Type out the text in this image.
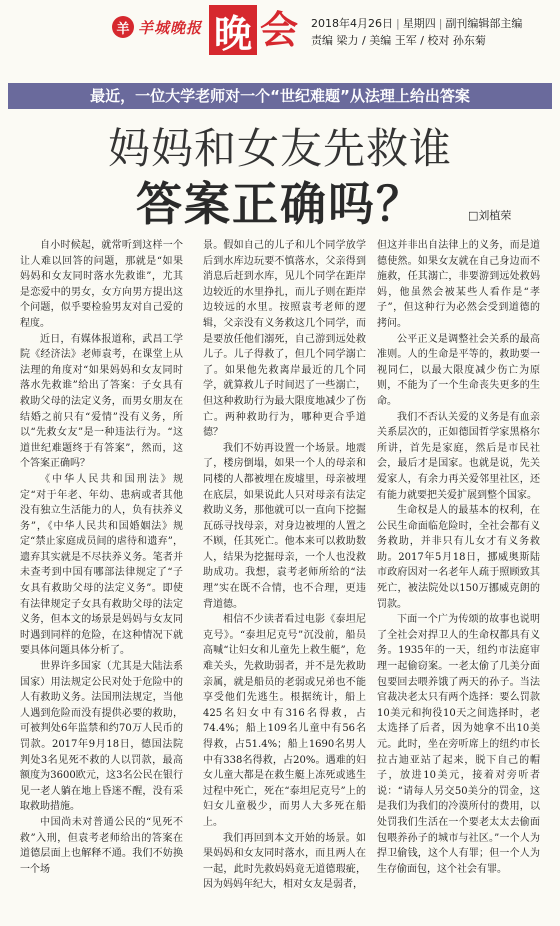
羊 羊城晚报 晚 会 2018年4月26日 | 星期四 | 副刊编辑部主编
责编 梁力 / 美编 王军 / 校对 孙东菊
最近，一位大学老师对一个“世纪难题”从法理上给出答案
妈妈和女友先救谁
答案正确吗？	□刘植荣

自小时候起，就常听到这样一个让人难以回答的问题，那就是“如果妈妈和女友同时落水先救谁”，尤其是恋爱中的男女，女方向男方提出这个问题，似乎要检验男友对自己爱的程度。

近日，有媒体报道称，武昌工学院《经济法》老师袁考，在课堂上从法理的角度对“如果妈妈和女友同时落水先救谁”给出了答案：子女具有救助父母的法定义务，而男女朋友在结婚之前只有“爱情”没有义务，所以“先救女友”是一种违法行为。“这道世纪难题终于有答案”，然而，这个答案正确吗？

《中华人民共和国刑法》规定“对于年老、年幼、患病或者其他没有独立生活能力的人，负有扶养义务”，《中华人民共和国婚姻法》规定“禁止家庭成员间的虐待和遗弃”，遗弃其实就是不尽扶养义务。笔者并未查考到中国有哪部法律规定了“子女具有救助父母的法定义务”。即使有法律规定子女具有救助父母的法定义务，但本文的场景是妈妈与女友同时遇到同样的危险，在这种情况下就要具体问题具体分析了。

世界许多国家（尤其是大陆法系国家）用法规定公民对处于危险中的人有救助义务。法国刑法规定，当他人遇到危险而没有提供必要的救助，可被判处6年监禁和约70万人民币的罚款。2017年9月18日，德国法院判处3名见死不救的人以罚款，最高额度为3600欧元，这3名公民在银行见一老人躺在地上昏迷不醒，没有采取救助措施。

中国尚未对普通公民的“见死不救”入刑，但袁考老师给出的答案在道德层面上也解释不通。我们不妨换一个场

景。假如自己的儿子和儿个同学放学后到水库边玩要不慎落水，父亲得到消息后赶到水库，见儿个同学在距岸边较近的水里挣扎，而儿子则在距岸边较远的水里。按照袁考老师的逻辑，父亲没有义务救这几个同学，而是要放任他们溺死，自己游到远处救儿子。儿子得救了，但几个同学溺亡了。如果他先救离岸最近的几个同学，就算救儿子时间迟了一些溺亡，但这种救助行为最大限度地减少了伤亡。两种救助行为，哪种更合乎道德？

我们不妨再设置一个场景。地震了，楼房倒塌，如果一个人的母亲和同楼的人都被埋在废墟里，母亲被埋在底层，如果说此人只对母亲有法定救助义务，那他就可以一直向下挖掘瓦砾寻找母亲，对身边被埋的人置之不顾，任其死亡。他本来可以救助数人，结果为挖掘母亲，一个人也没救助成功。我想，袁考老师所给的“法理”实在既不合情，也不合理，更违背道德。

相信不少读者看过电影《泰坦尼克号》。“泰坦尼克号”沉没前，船员高喊“让妇女和儿童先上救生艇”，危难关头，先救助弱者，并不是先救助亲属，就是船员的老弱或兄弟也不能享受他们先逃生。根据统计，船上425名妇女中有316名得救，占74.4%；船上109名儿童中有56名得救，占51.4%；船上1690名男人中有338名得救，占20%。遇难的妇女儿童大都是在救生艇上冻死或逃生过程中死亡，死在“泰坦尼克号”上的妇女儿童极少，而男人大多死在船上。

我们再回到本文开始的场景。如果妈妈和女友同时落水，而且两人在一起，此时先救妈妈竟无道德瑕疵，因为妈妈年纪大，相对女友是弱者，

但这并非出自法律上的义务，而是道德使然。如果女友就在自己身边而不施救，任其溺亡，非要游到远处救妈妈，他虽然会被某些人看作是“孝子”，但这种行为必然会受到道德的拷问。

公平正义是调整社会关系的最高准则。人的生命是平等的，救助要一视同仁，以最大限度减少伤亡为原则，不能为了一个生命丧失更多的生命。

我们不否认关爱的义务是有血亲关系层次的，正如德国哲学家黑格尔所讲，首先是家庭，然后是市民社会，最后才是国家。也就是说，先关爱家人，有余力再关爱邻里社区，还有能力就要把关爱扩展到整个国家。

生命权是人的最基本的权利，在公民生命面临危险时，全社会都有义务救助，并非只有儿女才有义务救助。2017年5月18日，挪威奥斯陆市政府因对一名老年人疏于照顾致其死亡，被法院处以150万挪威克朗的罚款。

下面一个广为传颂的故事也说明了全社会对捍卫人的生命权都具有义务。1935年的一天，纽约市法庭审理一起偷窃案。一老太偷了几美分面包要回去喂养饿了两天的孙子。当法官裁决老太只有两个选择：要么罚款10美元和拘役10天之间选择时，老太选择了后者，因为她拿不出10美元。此时，坐在旁听席上的纽约市长拉古迪亚站了起来，脱下自己的帽子，放进10美元，接着对旁听者说：“请每人另交50美分的罚金，这是我们为我们的冷漠所付的费用，以处罚我们生活在一个要老太太去偷面包喂养孙子的城市与社区。”一个人为捍卫偷钱，这个人有罪；但一个人为生存偷面包，这个社会有罪。
